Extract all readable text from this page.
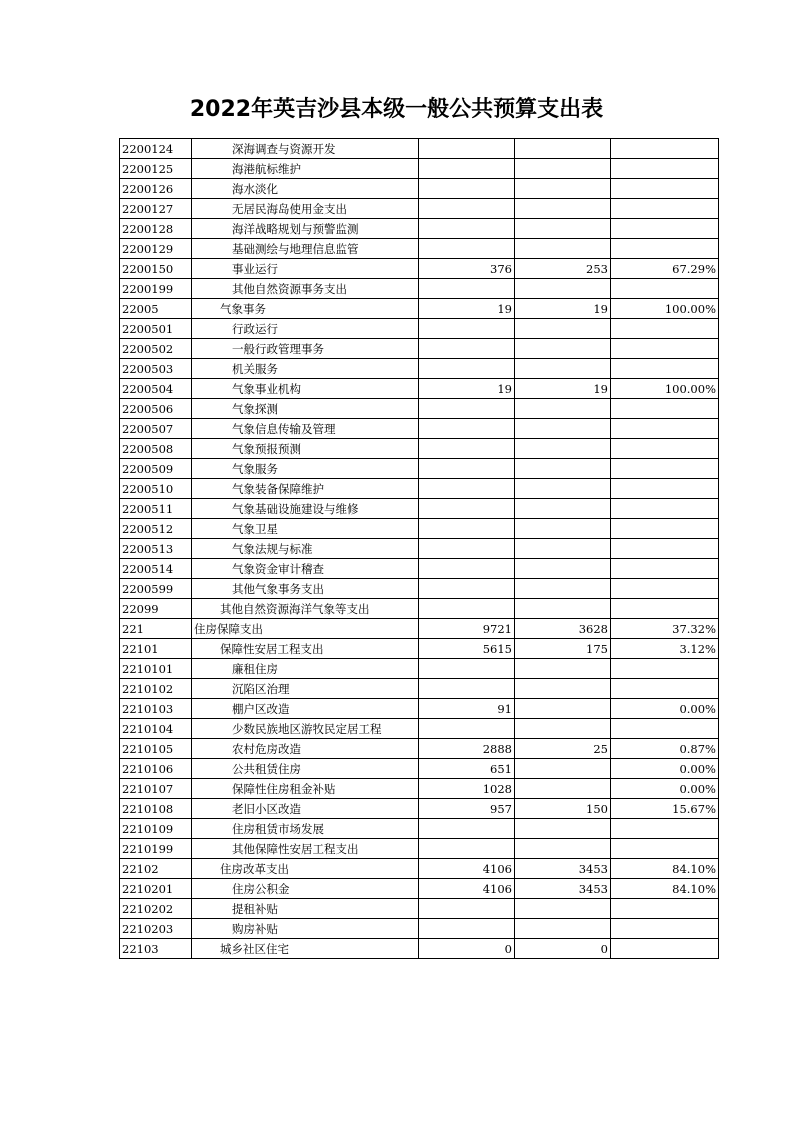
2022年英吉沙县本级一般公共预算支出表
2200124	深海调查与资源开发			
2200125	海港航标维护			
2200126	海水淡化			
2200127	无居民海岛使用金支出			
2200128	海洋战略规划与预警监测			
2200129	基础测绘与地理信息监管			
2200150	事业运行	376	253	67.29%
2200199	其他自然资源事务支出			
22005	气象事务	19	19	100.00%
2200501	行政运行			
2200502	一般行政管理事务			
2200503	机关服务			
2200504	气象事业机构	19	19	100.00%
2200506	气象探测			
2200507	气象信息传输及管理			
2200508	气象预报预测			
2200509	气象服务			
2200510	气象装备保障维护			
2200511	气象基础设施建设与维修			
2200512	气象卫星			
2200513	气象法规与标准			
2200514	气象资金审计稽查			
2200599	其他气象事务支出			
22099	其他自然资源海洋气象等支出			
221	住房保障支出	9721	3628	37.32%
22101	保障性安居工程支出	5615	175	3.12%
2210101	廉租住房			
2210102	沉陷区治理			
2210103	棚户区改造	91		0.00%
2210104	少数民族地区游牧民定居工程			
2210105	农村危房改造	2888	25	0.87%
2210106	公共租赁住房	651		0.00%
2210107	保障性住房租金补贴	1028		0.00%
2210108	老旧小区改造	957	150	15.67%
2210109	住房租赁市场发展			
2210199	其他保障性安居工程支出			
22102	住房改革支出	4106	3453	84.10%
2210201	住房公积金	4106	3453	84.10%
2210202	提租补贴			
2210203	购房补贴			
22103	城乡社区住宅	0	0	
